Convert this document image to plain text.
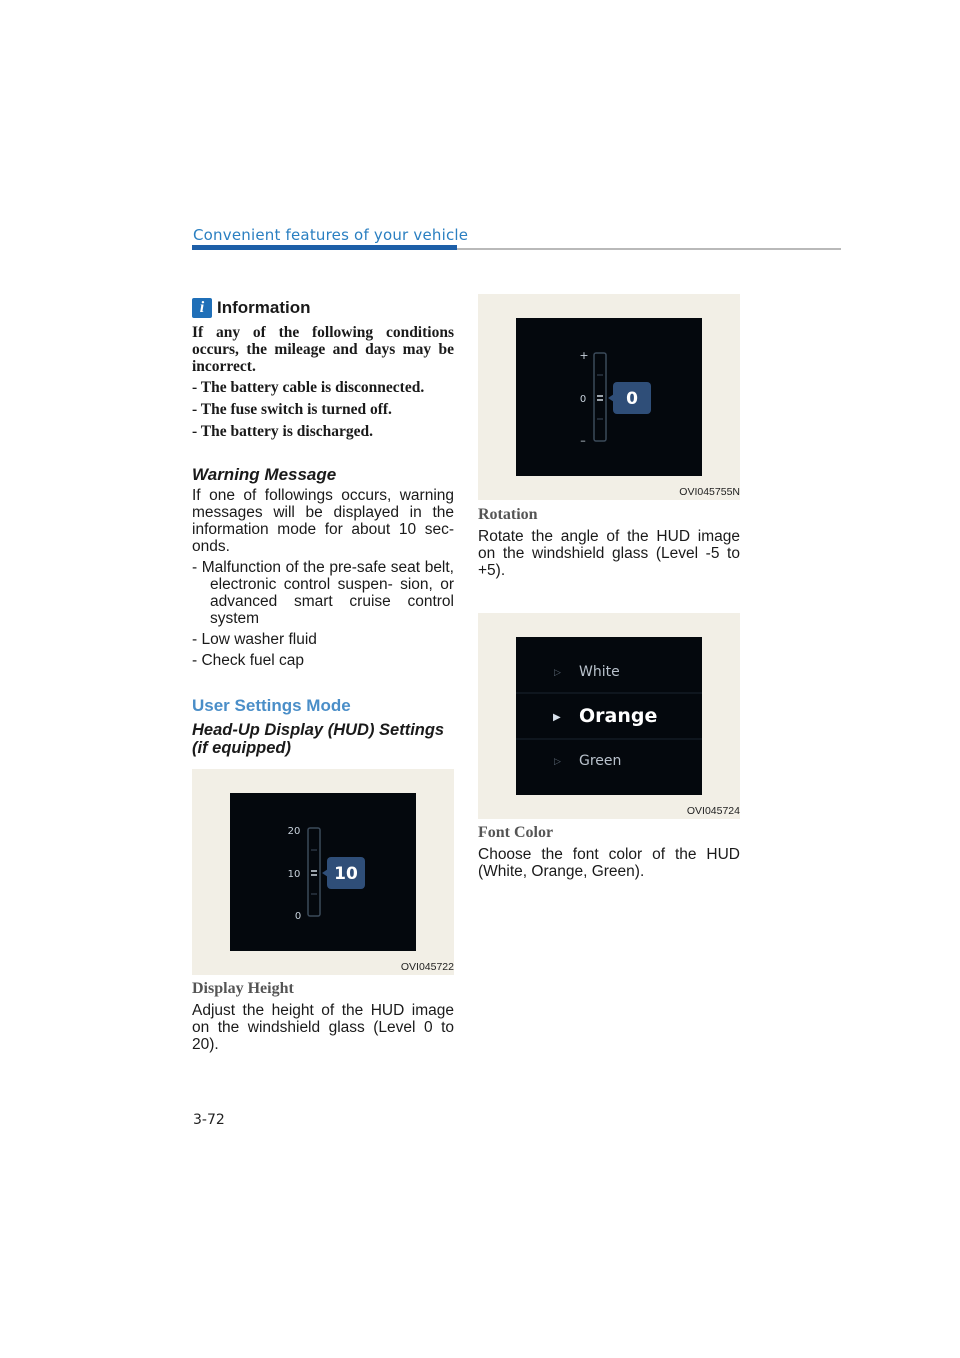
Convenient features of your vehicle
i Information
If any of the following conditions occurs, the mileage and days may be incorrect.
- The battery cable is disconnected.
- The fuse switch is turned off.
- The battery is discharged.
Warning Message
If one of followings occurs, warning messages will be displayed in the information mode for about 10 sec- onds.
- Malfunction of the pre-safe seat belt, electronic control suspen- sion, or advanced smart cruise control system
- Low washer fluid
- Check fuel cap
User Settings Mode
Head-Up Display (HUD) Settings (if equipped)
20
10
0
10
OVI045722
Display Height
Adjust the height of the HUD image on the windshield glass (Level 0 to 20).
+
0
–
0
OVI045755N
Rotation
Rotate the angle of the HUD image on the windshield glass (Level -5 to +5).
▷ White
▶ Orange
▷ Green
OVI045724
Font Color
Choose the font color of the HUD (White, Orange, Green).
3-72
